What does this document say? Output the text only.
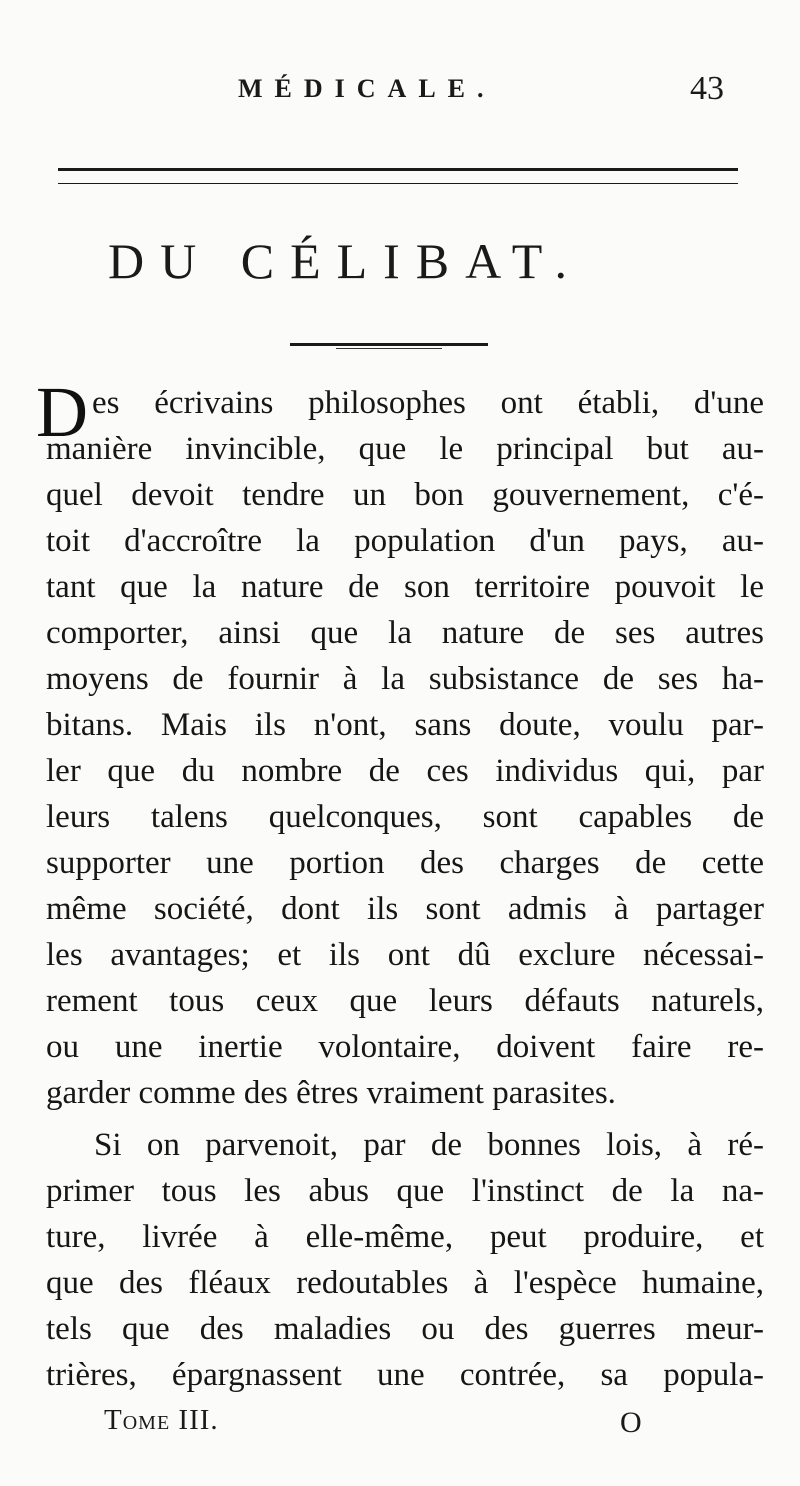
MÉDICALE.	43
DU CÉLIBAT.
D es écrivains philosophes ont établi, d'une
manière invincible, que le principal but au-
quel devoit tendre un bon gouvernement, c'é-
toit d'accroître la population d'un pays, au-
tant que la nature de son territoire pouvoit le
comporter, ainsi que la nature de ses autres
moyens de fournir à la subsistance de ses ha-
bitans. Mais ils n'ont, sans doute, voulu par-
ler que du nombre de ces individus qui, par
leurs talens quelconques, sont capables de
supporter une portion des charges de cette
même société, dont ils sont admis à partager
les avantages; et ils ont dû exclure nécessai-
rement tous ceux que leurs défauts naturels,
ou une inertie volontaire, doivent faire re-
garder comme des êtres vraiment parasites.
Si on parvenoit, par de bonnes lois, à ré-
primer tous les abus que l'instinct de la na-
ture, livrée à elle-même, peut produire, et
que des fléaux redoutables à l'espèce humaine,
tels que des maladies ou des guerres meur-
trières, épargnassent une contrée, sa popula-
Tome III.	O
